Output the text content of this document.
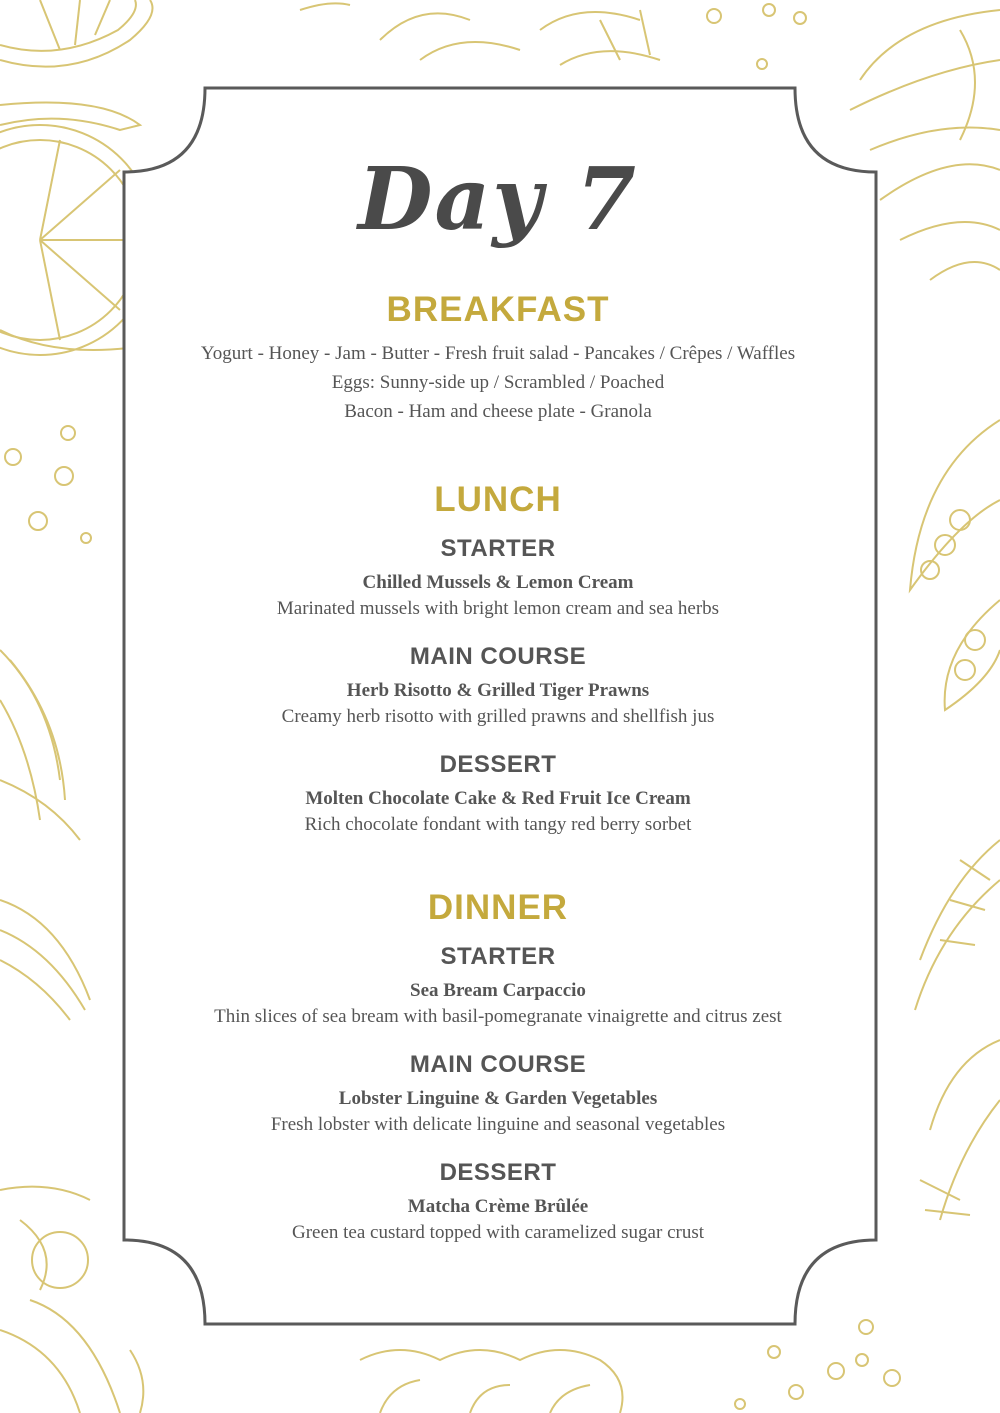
Day 7
BREAKFAST

Yogurt - Honey - Jam - Butter - Fresh fruit salad - Pancakes / Crêpes / Waffles

Eggs: Sunny-side up / Scrambled / Poached

Bacon - Ham and cheese plate - Granola

LUNCH
STARTER

Chilled Mussels & Lemon Cream

Marinated mussels with bright lemon cream and sea herbs

MAIN COURSE

Herb Risotto & Grilled Tiger Prawns

Creamy herb risotto with grilled prawns and shellfish jus

DESSERT

Molten Chocolate Cake & Red Fruit Ice Cream

Rich chocolate fondant with tangy red berry sorbet

DINNER
STARTER

Sea Bream Carpaccio

Thin slices of sea bream with basil-pomegranate vinaigrette and citrus zest

MAIN COURSE

Lobster Linguine & Garden Vegetables

Fresh lobster with delicate linguine and seasonal vegetables

DESSERT

Matcha Crème Brûlée

Green tea custard topped with caramelized sugar crust
